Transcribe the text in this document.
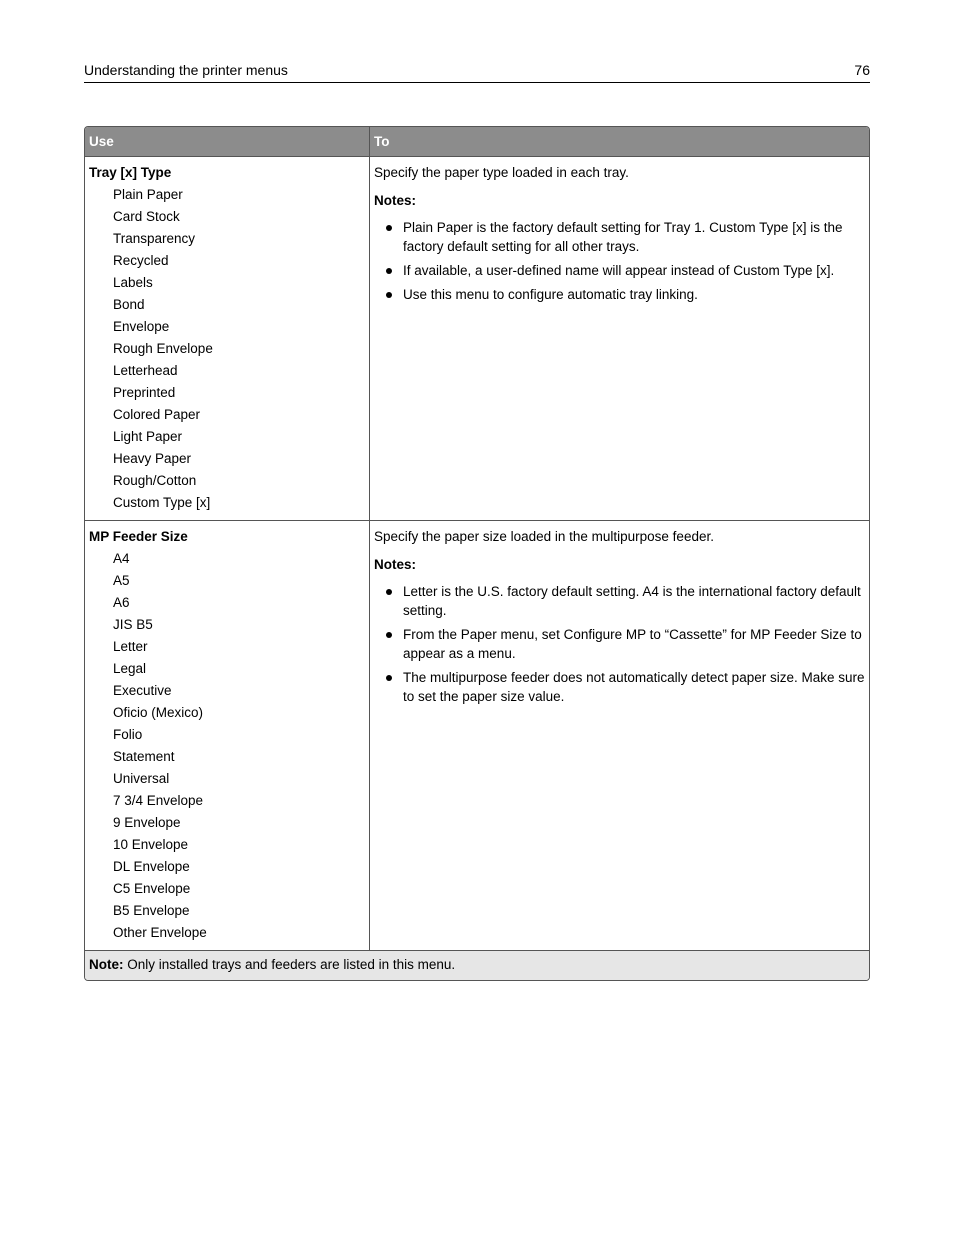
Understanding the printer menus	76
Use	To
Tray [x] Type
Plain Paper
Card Stock
Transparency
Recycled
Labels
Bond
Envelope
Rough Envelope
Letterhead
Preprinted
Colored Paper
Light Paper
Heavy Paper
Rough/Cotton
Custom Type [x]
Specify the paper type loaded in each tray.
Notes:
Plain Paper is the factory default setting for Tray 1. Custom Type [x] is the factory default setting for all other trays.
If available, a user-defined name will appear instead of Custom Type [x].
Use this menu to configure automatic tray linking.
MP Feeder Size
A4
A5
A6
JIS B5
Letter
Legal
Executive
Oficio (Mexico)
Folio
Statement
Universal
7 3/4 Envelope
9 Envelope
10 Envelope
DL Envelope
C5 Envelope
B5 Envelope
Other Envelope
Specify the paper size loaded in the multipurpose feeder.
Notes:
Letter is the U.S. factory default setting. A4 is the international factory default setting.
From the Paper menu, set Configure MP to “Cassette” for MP Feeder Size to appear as a menu.
The multipurpose feeder does not automatically detect paper size. Make sure to set the paper size value.
Note: Only installed trays and feeders are listed in this menu.
